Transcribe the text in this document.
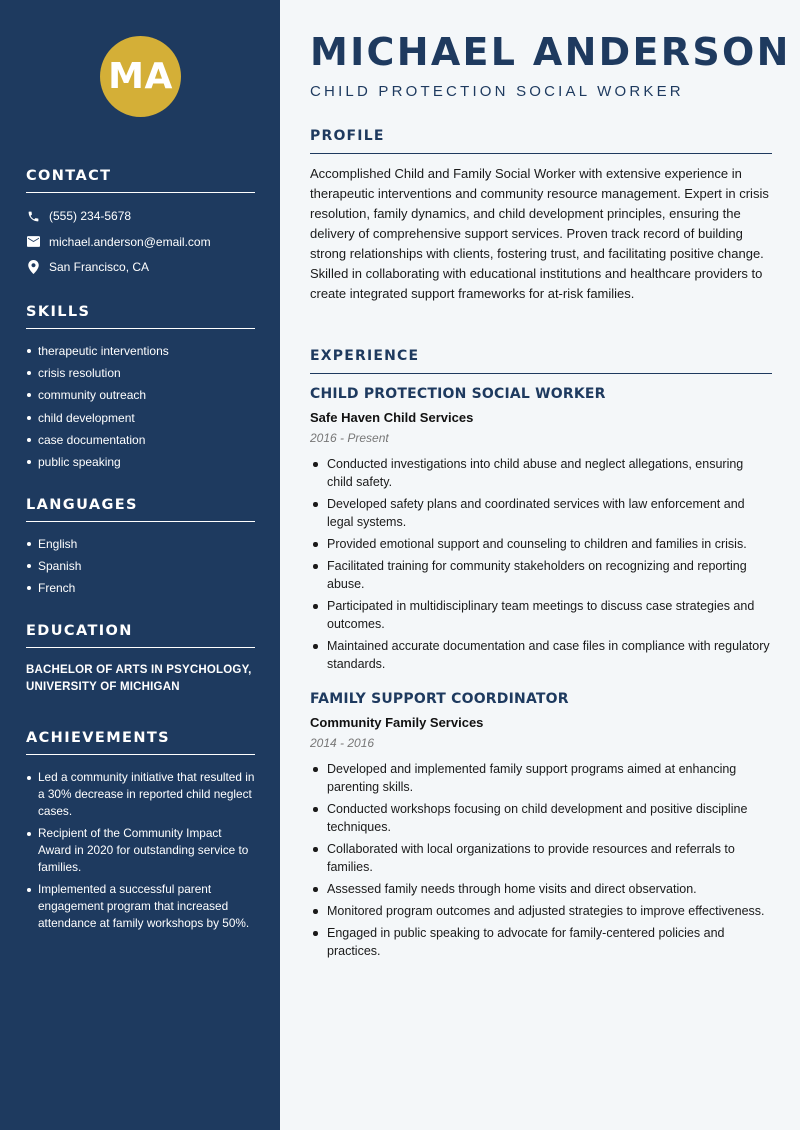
MA
CONTACT
(555) 234-5678
michael.anderson@email.com
San Francisco, CA
SKILLS
therapeutic interventions
crisis resolution
community outreach
child development
case documentation
public speaking
LANGUAGES
English
Spanish
French
EDUCATION
BACHELOR OF ARTS IN PSYCHOLOGY, UNIVERSITY OF MICHIGAN
ACHIEVEMENTS
Led a community initiative that resulted in a 30% decrease in reported child neglect cases.
Recipient of the Community Impact Award in 2020 for outstanding service to families.
Implemented a successful parent engagement program that increased attendance at family workshops by 50%.
MICHAEL ANDERSON
CHILD PROTECTION SOCIAL WORKER
PROFILE

Accomplished Child and Family Social Worker with extensive experience in therapeutic interventions and community resource management. Expert in crisis resolution, family dynamics, and child development principles, ensuring the delivery of comprehensive support services. Proven track record of building strong relationships with clients, fostering trust, and facilitating positive change. Skilled in collaborating with educational institutions and healthcare providers to create integrated support frameworks for at-risk families.

EXPERIENCE
CHILD PROTECTION SOCIAL WORKER
Safe Haven Child Services
2016 - Present
Conducted investigations into child abuse and neglect allegations, ensuring child safety.
Developed safety plans and coordinated services with law enforcement and legal systems.
Provided emotional support and counseling to children and families in crisis.
Facilitated training for community stakeholders on recognizing and reporting abuse.
Participated in multidisciplinary team meetings to discuss case strategies and outcomes.
Maintained accurate documentation and case files in compliance with regulatory standards.
FAMILY SUPPORT COORDINATOR
Community Family Services
2014 - 2016
Developed and implemented family support programs aimed at enhancing parenting skills.
Conducted workshops focusing on child development and positive discipline techniques.
Collaborated with local organizations to provide resources and referrals to families.
Assessed family needs through home visits and direct observation.
Monitored program outcomes and adjusted strategies to improve effectiveness.
Engaged in public speaking to advocate for family-centered policies and practices.
